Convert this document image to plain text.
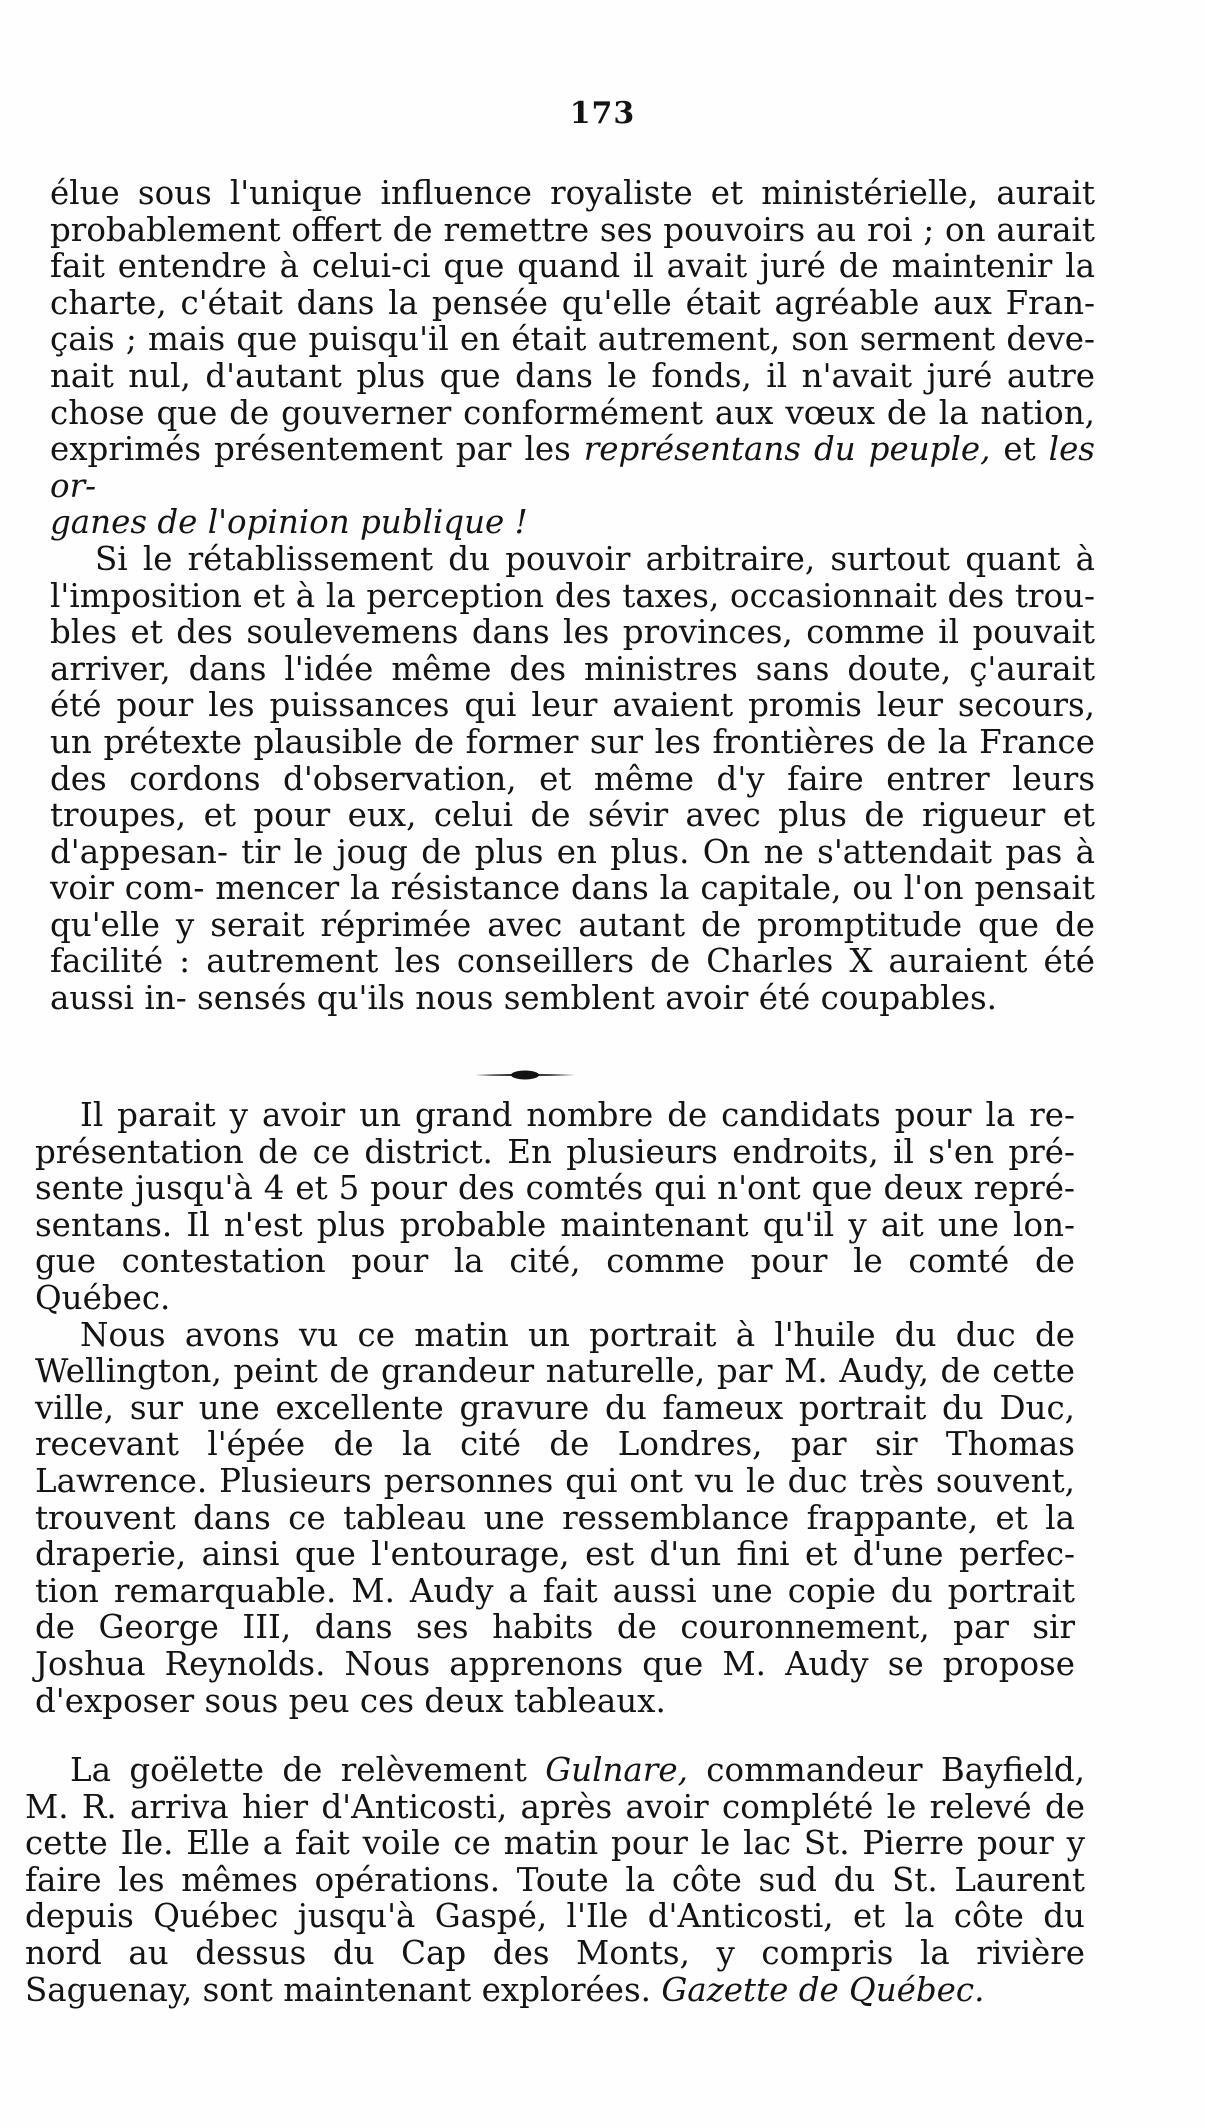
173

élue sous l'unique influence royaliste et ministérielle, aurait probablement offert de remettre ses pouvoirs au roi ; on aurait fait entendre à celui-ci que quand il avait juré de maintenir la charte, c'était dans la pensée qu'elle était agréable aux Fran- çais ; mais que puisqu'il en était autrement, son serment deve- nait nul, d'autant plus que dans le fonds, il n'avait juré autre chose que de gouverner conformément aux vœux de la nation, exprimés présentement par les représentans du peuple, et les or-

ganes de l'opinion publique !

Si le rétablissement du pouvoir arbitraire, surtout quant à l'imposition et à la perception des taxes, occasionnait des trou- bles et des soulevemens dans les provinces, comme il pouvait arriver, dans l'idée même des ministres sans doute, ç'aurait été pour les puissances qui leur avaient promis leur secours, un prétexte plausible de former sur les frontières de la France des cordons d'observation, et même d'y faire entrer leurs troupes, et pour eux, celui de sévir avec plus de rigueur et d'appesan- tir le joug de plus en plus. On ne s'attendait pas à voir com- mencer la résistance dans la capitale, ou l'on pensait qu'elle y serait réprimée avec autant de promptitude que de facilité : autrement les conseillers de Charles X auraient été aussi in- sensés qu'ils nous semblent avoir été coupables.

Il parait y avoir un grand nombre de candidats pour la re- présentation de ce district. En plusieurs endroits, il s'en pré- sente jusqu'à 4 et 5 pour des comtés qui n'ont que deux repré- sentans. Il n'est plus probable maintenant qu'il y ait une lon- gue contestation pour la cité, comme pour le comté de Québec.

Nous avons vu ce matin un portrait à l'huile du duc de Wellington, peint de grandeur naturelle, par M. Audy, de cette ville, sur une excellente gravure du fameux portrait du Duc, recevant l'épée de la cité de Londres, par sir Thomas Lawrence. Plusieurs personnes qui ont vu le duc très souvent, trouvent dans ce tableau une ressemblance frappante, et la draperie, ainsi que l'entourage, est d'un fini et d'une perfec- tion remarquable. M. Audy a fait aussi une copie du portrait de George III, dans ses habits de couronnement, par sir Joshua Reynolds. Nous apprenons que M. Audy se propose d'exposer sous peu ces deux tableaux.

La goëlette de relèvement Gulnare, commandeur Bayfield, M. R. arriva hier d'Anticosti, après avoir complété le relevé de cette Ile. Elle a fait voile ce matin pour le lac St. Pierre pour y faire les mêmes opérations. Toute la côte sud du St. Laurent depuis Québec jusqu'à Gaspé, l'Ile d'Anticosti, et la côte du nord au dessus du Cap des Monts, y compris la rivière Saguenay, sont maintenant explorées. Gazette de Québec.
